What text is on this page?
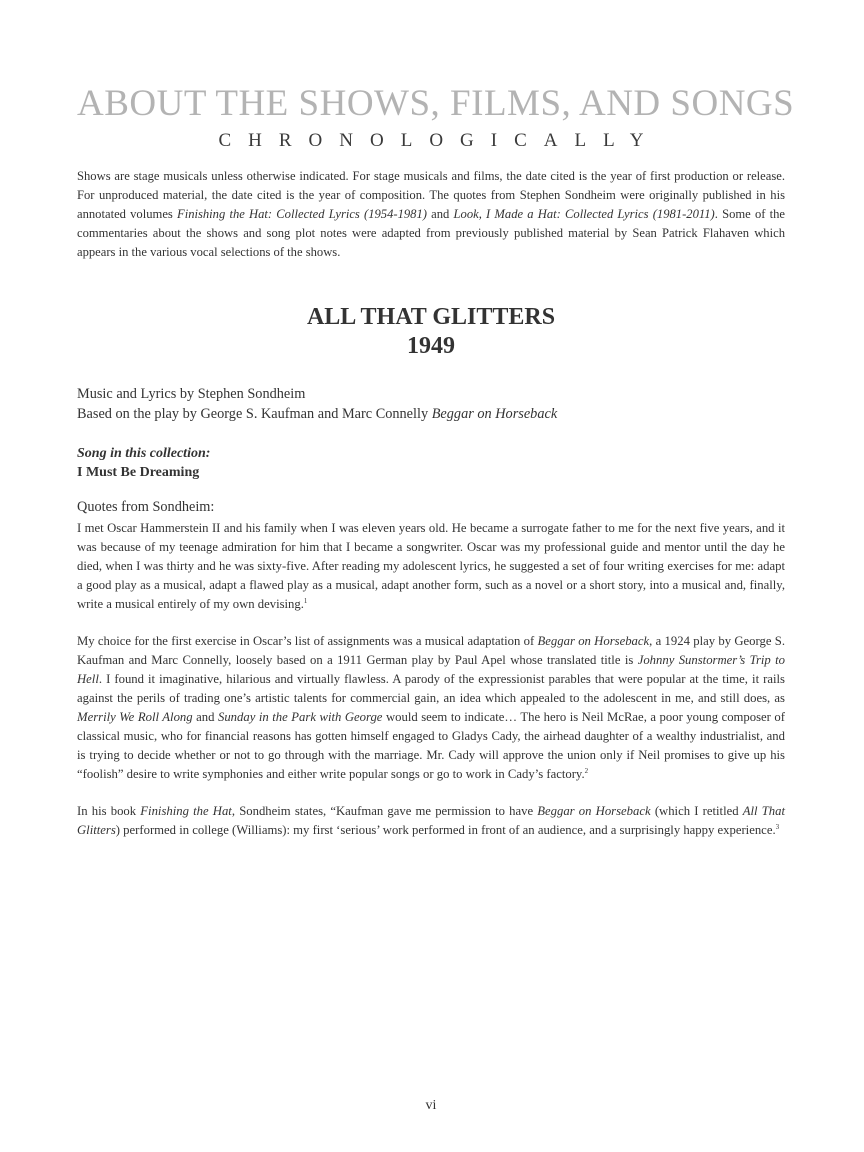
ABOUT THE SHOWS, FILMS, AND SONGS
CHRONOLOGICALLY
Shows are stage musicals unless otherwise indicated. For stage musicals and films, the date cited is the year of first production or release. For unproduced material, the date cited is the year of composition. The quotes from Stephen Sondheim were originally published in his annotated volumes Finishing the Hat: Collected Lyrics (1954-1981) and Look, I Made a Hat: Collected Lyrics (1981-2011). Some of the commentaries about the shows and song plot notes were adapted from previously published material by Sean Patrick Flahaven which appears in the various vocal selections of the shows.
ALL THAT GLITTERS
1949
Music and Lyrics by Stephen Sondheim
Based on the play by George S. Kaufman and Marc Connelly Beggar on Horseback
Song in this collection:
I Must Be Dreaming
Quotes from Sondheim:

I met Oscar Hammerstein II and his family when I was eleven years old. He became a surrogate father to me for the next five years, and it was because of my teenage admiration for him that I became a songwriter. Oscar was my professional guide and mentor until the day he died, when I was thirty and he was sixty-five. After reading my adolescent lyrics, he suggested a set of four writing exercises for me: adapt a good play as a musical, adapt a flawed play as a musical, adapt another form, such as a novel or a short story, into a musical and, finally, write a musical entirely of my own devising.$^1$

My choice for the first exercise in Oscar’s list of assignments was a musical adaptation of Beggar on Horseback, a 1924 play by George S. Kaufman and Marc Connelly, loosely based on a 1911 German play by Paul Apel whose translated title is Johnny Sunstormer’s Trip to Hell. I found it imaginative, hilarious and virtually flawless. A parody of the expressionist parables that were popular at the time, it rails against the perils of trading one’s artistic talents for commercial gain, an idea which appealed to the adolescent in me, and still does, as Merrily We Roll Along and Sunday in the Park with George would seem to indicate… The hero is Neil McRae, a poor young composer of classical music, who for financial reasons has gotten himself engaged to Gladys Cady, the airhead daughter of a wealthy industrialist, and is trying to decide whether or not to go through with the marriage. Mr. Cady will approve the union only if Neil promises to give up his “foolish” desire to write symphonies and either write popular songs or go to work in Cady’s factory.$^2$

In his book Finishing the Hat, Sondheim states, “Kaufman gave me permission to have Beggar on Horseback (which I retitled All That Glitters) performed in college (Williams): my first ‘serious’ work performed in front of an audience, and a surprisingly happy experience.$^3$

vi
